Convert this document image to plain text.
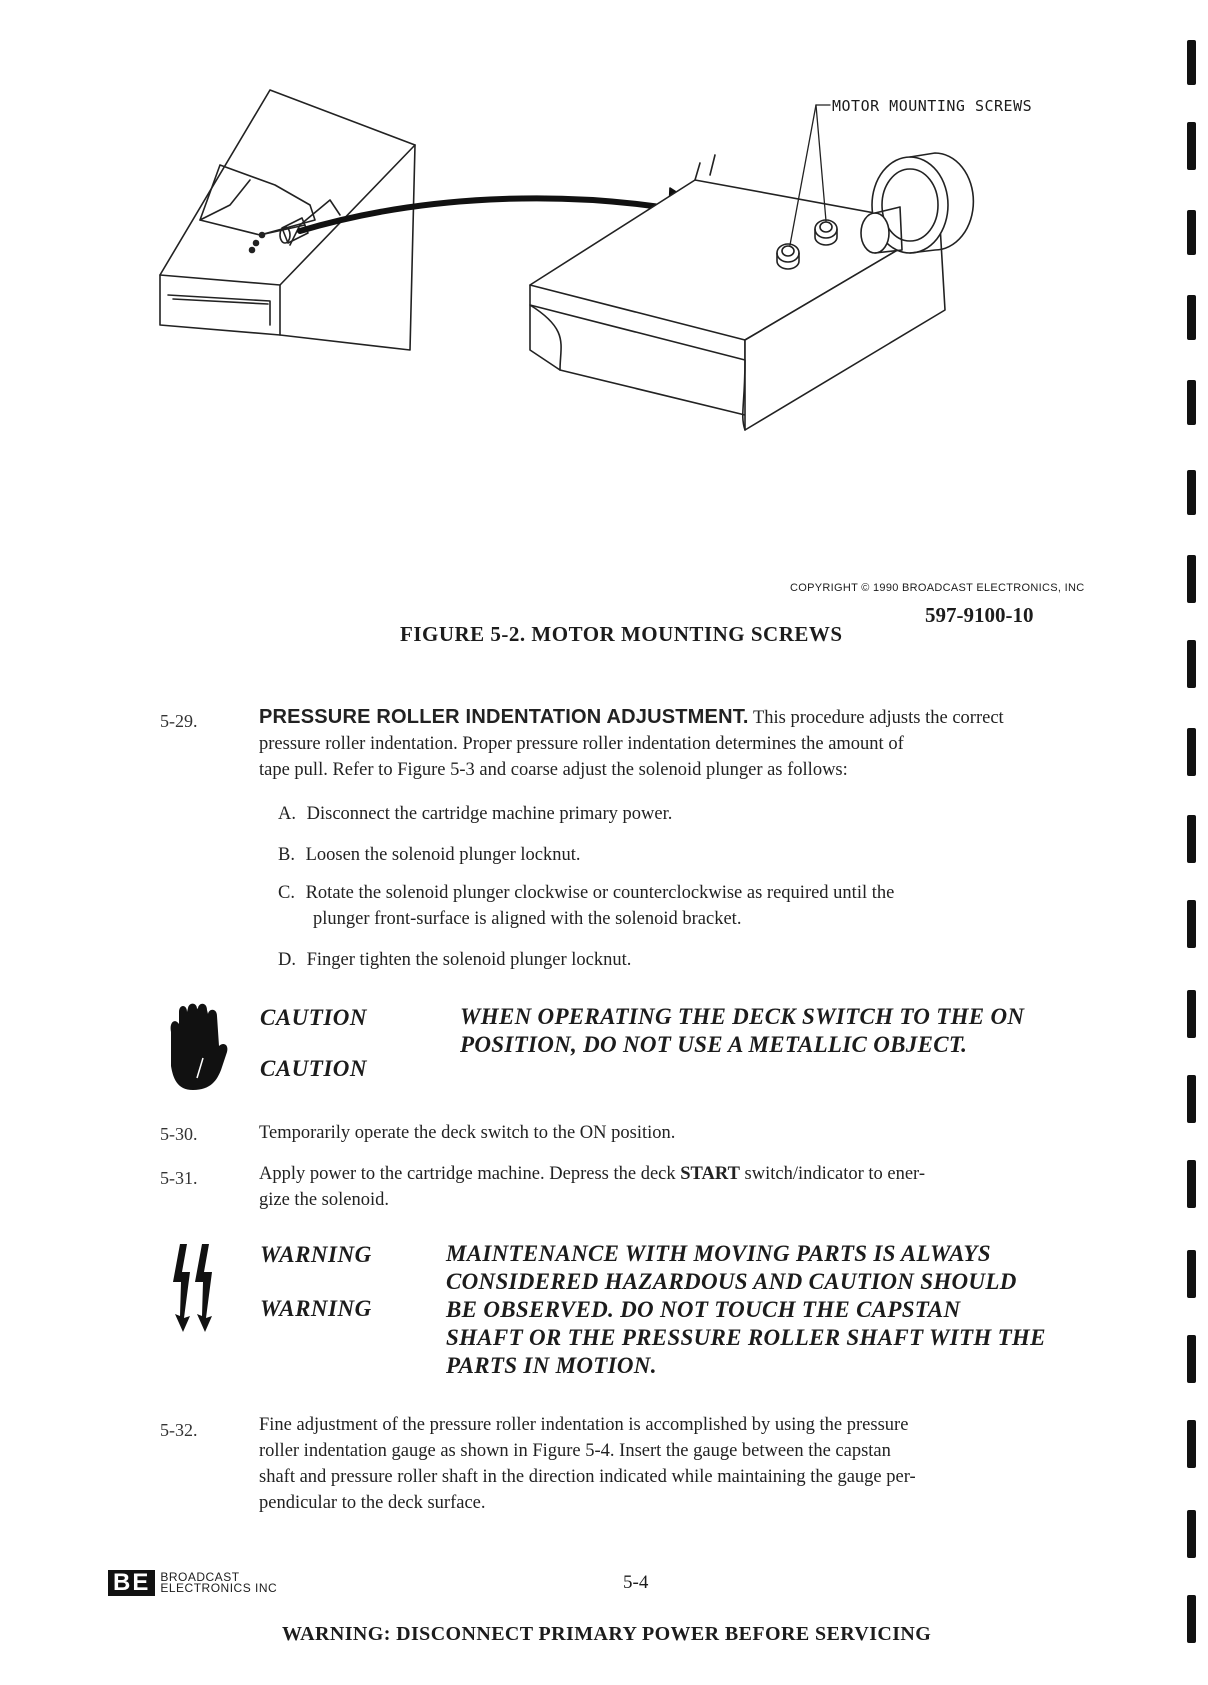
MOTOR MOUNTING SCREWS
COPYRIGHT © 1990 BROADCAST ELECTRONICS, INC
597-9100-10
FIGURE 5-2. MOTOR MOUNTING SCREWS
5-29.	PRESSURE ROLLER INDENTATION ADJUSTMENT. This procedure adjusts the correct
pressure roller indentation. Proper pressure roller indentation determines the amount of
tape pull. Refer to Figure 5-3 and coarse adjust the solenoid plunger as follows:
A. Disconnect the cartridge machine primary power.
B. Loosen the solenoid plunger locknut.
C. Rotate the solenoid plunger clockwise or counterclockwise as required until the
plunger front-surface is aligned with the solenoid bracket.
D. Finger tighten the solenoid plunger locknut.
CAUTION
CAUTION
WHEN OPERATING THE DECK SWITCH TO THE ON
POSITION, DO NOT USE A METALLIC OBJECT.
5-30.	Temporarily operate the deck switch to the ON position.
5-31.	Apply power to the cartridge machine. Depress the deck START switch/indicator to ener-
gize the solenoid.
WARNING
WARNING
MAINTENANCE WITH MOVING PARTS IS ALWAYS
CONSIDERED HAZARDOUS AND CAUTION SHOULD
BE OBSERVED. DO NOT TOUCH THE CAPSTAN
SHAFT OR THE PRESSURE ROLLER SHAFT WITH THE
PARTS IN MOTION.
5-32.	Fine adjustment of the pressure roller indentation is accomplished by using the pressure
roller indentation gauge as shown in Figure 5-4. Insert the gauge between the capstan
shaft and pressure roller shaft in the direction indicated while maintaining the gauge per-
pendicular to the deck surface.
BE BROADCAST
ELECTRONICS INC	5-4
WARNING: DISCONNECT PRIMARY POWER BEFORE SERVICING
